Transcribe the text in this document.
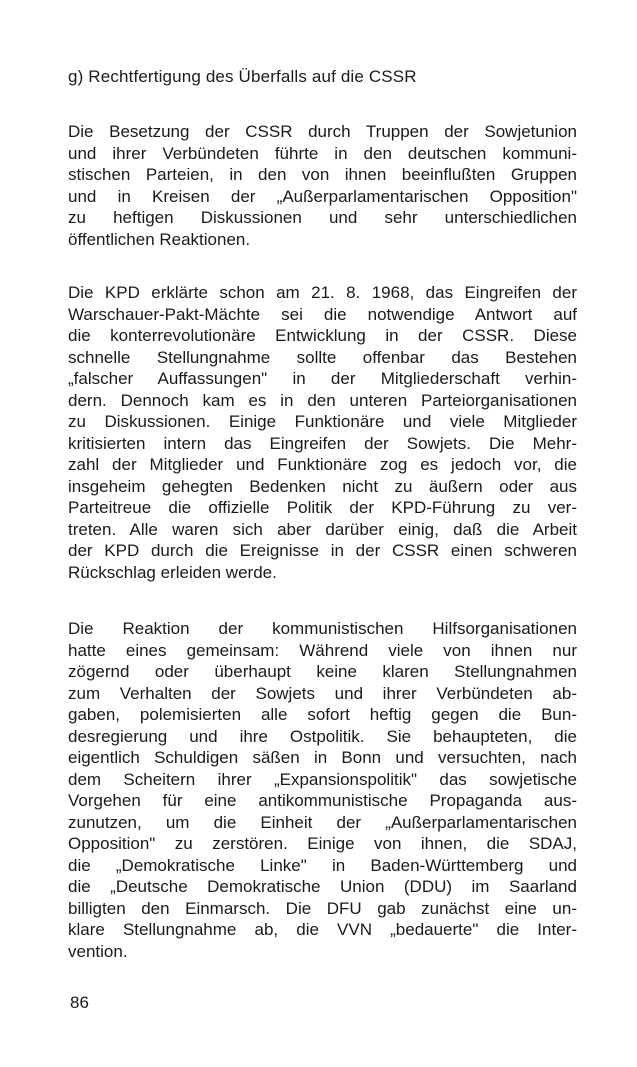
g) Rechtfertigung des Überfalls auf die CSSR
Die Besetzung der CSSR durch Truppen der Sowjetunion
und ihrer Verbündeten führte in den deutschen kommuni-
stischen Parteien, in den von ihnen beeinflußten Gruppen
und in Kreisen der „Außerparlamentarischen Opposition"
zu heftigen Diskussionen und sehr unterschiedlichen
öffentlichen Reaktionen.
Die KPD erklärte schon am 21. 8. 1968, das Eingreifen der
Warschauer-Pakt-Mächte sei die notwendige Antwort auf
die konterrevolutionäre Entwicklung in der CSSR. Diese
schnelle Stellungnahme sollte offenbar das Bestehen
„falscher Auffassungen" in der Mitgliederschaft verhin-
dern. Dennoch kam es in den unteren Parteiorganisationen
zu Diskussionen. Einige Funktionäre und viele Mitglieder
kritisierten intern das Eingreifen der Sowjets. Die Mehr-
zahl der Mitglieder und Funktionäre zog es jedoch vor, die
insgeheim gehegten Bedenken nicht zu äußern oder aus
Parteitreue die offizielle Politik der KPD-Führung zu ver-
treten. Alle waren sich aber darüber einig, daß die Arbeit
der KPD durch die Ereignisse in der CSSR einen schweren
Rückschlag erleiden werde.
Die Reaktion der kommunistischen Hilfsorganisationen
hatte eines gemeinsam: Während viele von ihnen nur
zögernd oder überhaupt keine klaren Stellungnahmen
zum Verhalten der Sowjets und ihrer Verbündeten ab-
gaben, polemisierten alle sofort heftig gegen die Bun-
desregierung und ihre Ostpolitik. Sie behaupteten, die
eigentlich Schuldigen säßen in Bonn und versuchten, nach
dem Scheitern ihrer „Expansionspolitik" das sowjetische
Vorgehen für eine antikommunistische Propaganda aus-
zunutzen, um die Einheit der „Außerparlamentarischen
Opposition" zu zerstören. Einige von ihnen, die SDAJ,
die „Demokratische Linke" in Baden-Württemberg und
die „Deutsche Demokratische Union (DDU) im Saarland
billigten den Einmarsch. Die DFU gab zunächst eine un-
klare Stellungnahme ab, die VVN „bedauerte" die Inter-
vention.
86
